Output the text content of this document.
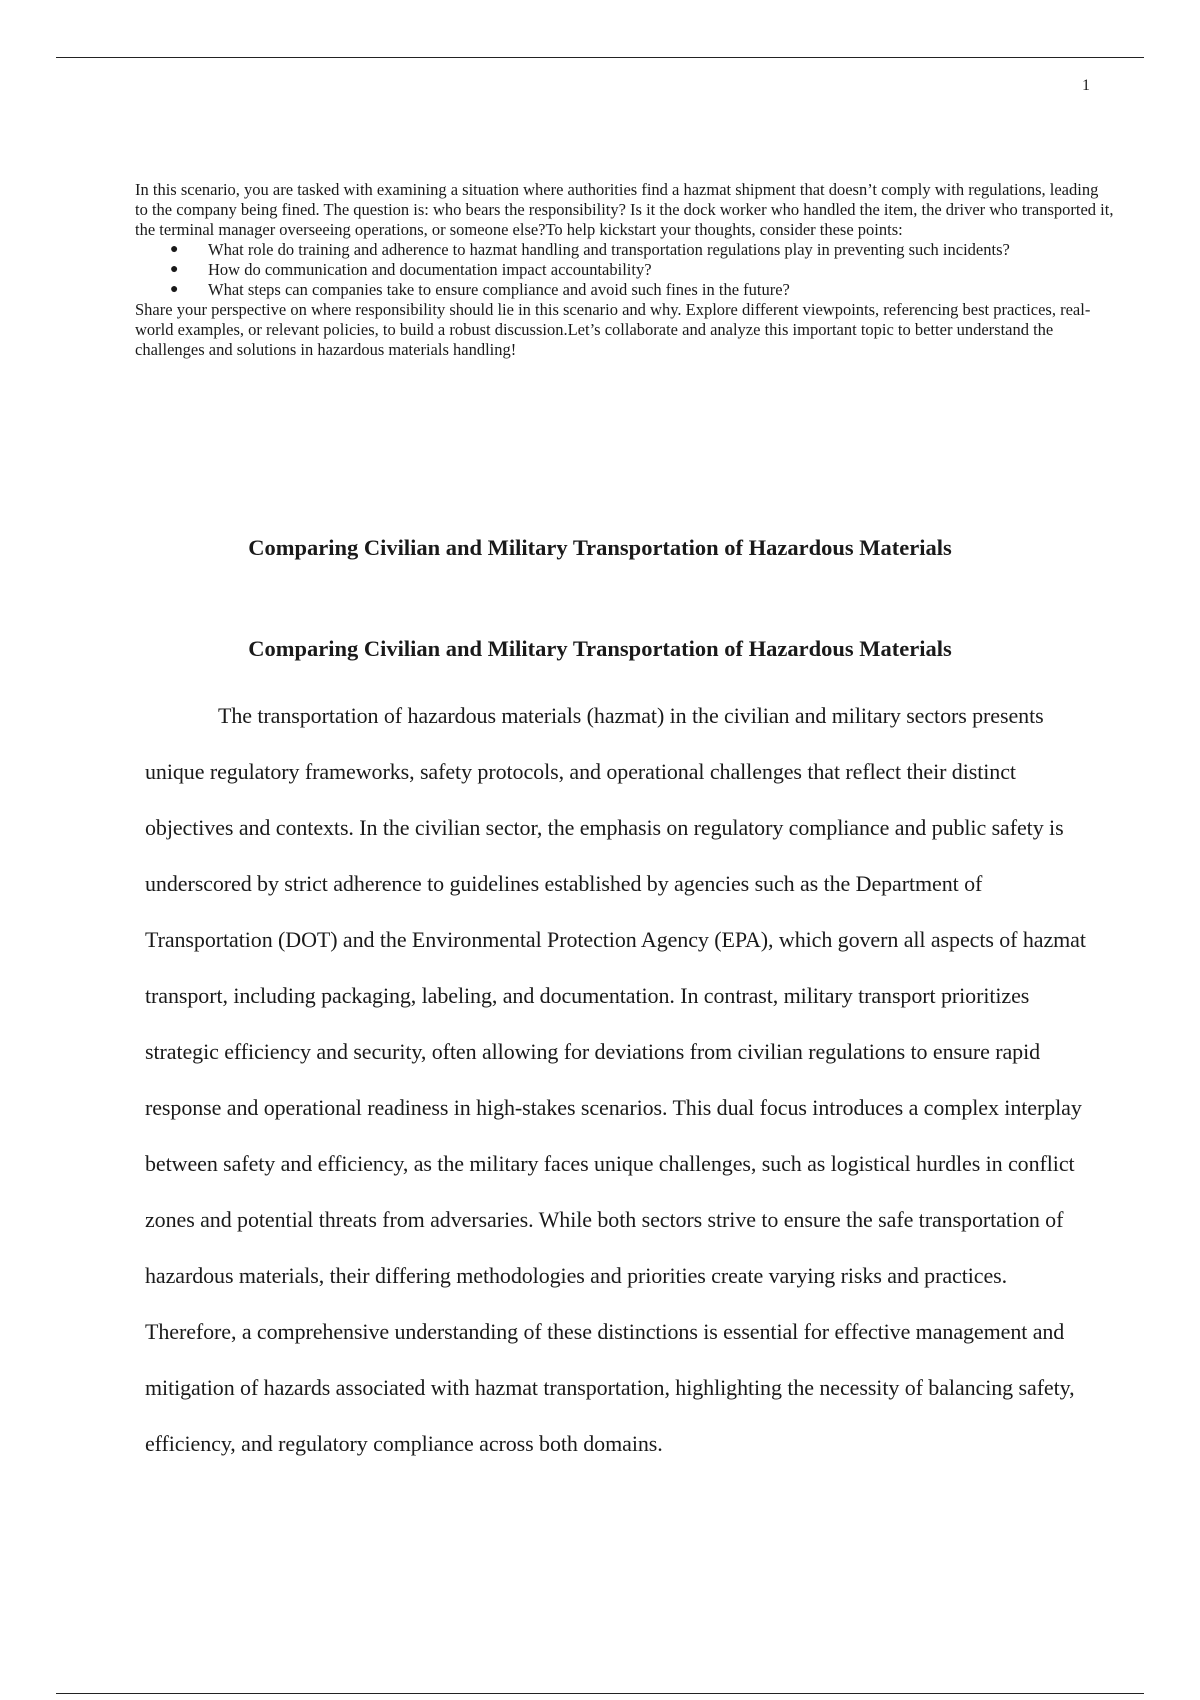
1

In this scenario, you are tasked with examining a situation where authorities find a hazmat shipment that doesn’t comply with regulations, leading to the company being fined. The question is: who bears the responsibility? Is it the dock worker who handled the item, the driver who transported it, the terminal manager overseeing operations, or someone else?To help kickstart your thoughts, consider these points:

● What role do training and adherence to hazmat handling and transportation regulations play in preventing such incidents?
● How do communication and documentation impact accountability?
● What steps can companies take to ensure compliance and avoid such fines in the future?

Share your perspective on where responsibility should lie in this scenario and why. Explore different viewpoints, referencing best practices, real-world examples, or relevant policies, to build a robust discussion.Let’s collaborate and analyze this important topic to better understand the challenges and solutions in hazardous materials handling!

Comparing Civilian and Military Transportation of Hazardous Materials
Comparing Civilian and Military Transportation of Hazardous Materials

The transportation of hazardous materials (hazmat) in the civilian and military sectors presents unique regulatory frameworks, safety protocols, and operational challenges that reflect their distinct objectives and contexts. In the civilian sector, the emphasis on regulatory compliance and public safety is underscored by strict adherence to guidelines established by agencies such as the Department of Transportation (DOT) and the Environmental Protection Agency (EPA), which govern all aspects of hazmat transport, including packaging, labeling, and documentation. In contrast, military transport prioritizes strategic efficiency and security, often allowing for deviations from civilian regulations to ensure rapid response and operational readiness in high-stakes scenarios. This dual focus introduces a complex interplay between safety and efficiency, as the military faces unique challenges, such as logistical hurdles in conflict zones and potential threats from adversaries. While both sectors strive to ensure the safe transportation of hazardous materials, their differing methodologies and priorities create varying risks and practices. Therefore, a comprehensive understanding of these distinctions is essential for effective management and mitigation of hazards associated with hazmat transportation, highlighting the necessity of balancing safety, efficiency, and regulatory compliance across both domains.
